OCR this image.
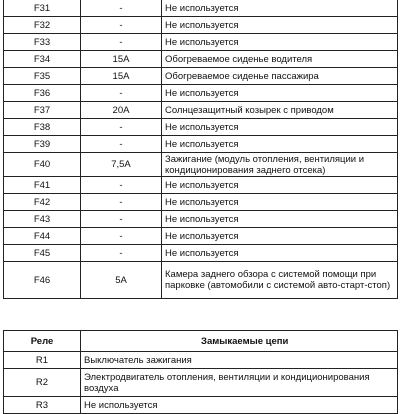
F31	-	Не используется
F32	-	Не используется
F33	-	Не используется
F34	15A	Обогреваемое сиденье водителя
F35	15A	Обогреваемое сиденье пассажира
F36	-	Не используется
F37	20A	Солнцезащитный козырек с приводом
F38	-	Не используется
F39	-	Не используется
F40	7,5A	Зажигание (модуль отопления, вентиляции и кондиционирования заднего отсека)
F41	-	Не используется
F42	-	Не используется
F43	-	Не используется
F44	-	Не используется
F45	-	Не используется
F46	5A	Камера заднего обзора с системой помощи при парковке (автомобили с системой авто-старт-стоп)
Реле	Замыкаемые цепи
R1	Выключатель зажигания
R2	Электродвигатель отопления, вентиляции и кондиционирования воздуха
R3	Не используется
